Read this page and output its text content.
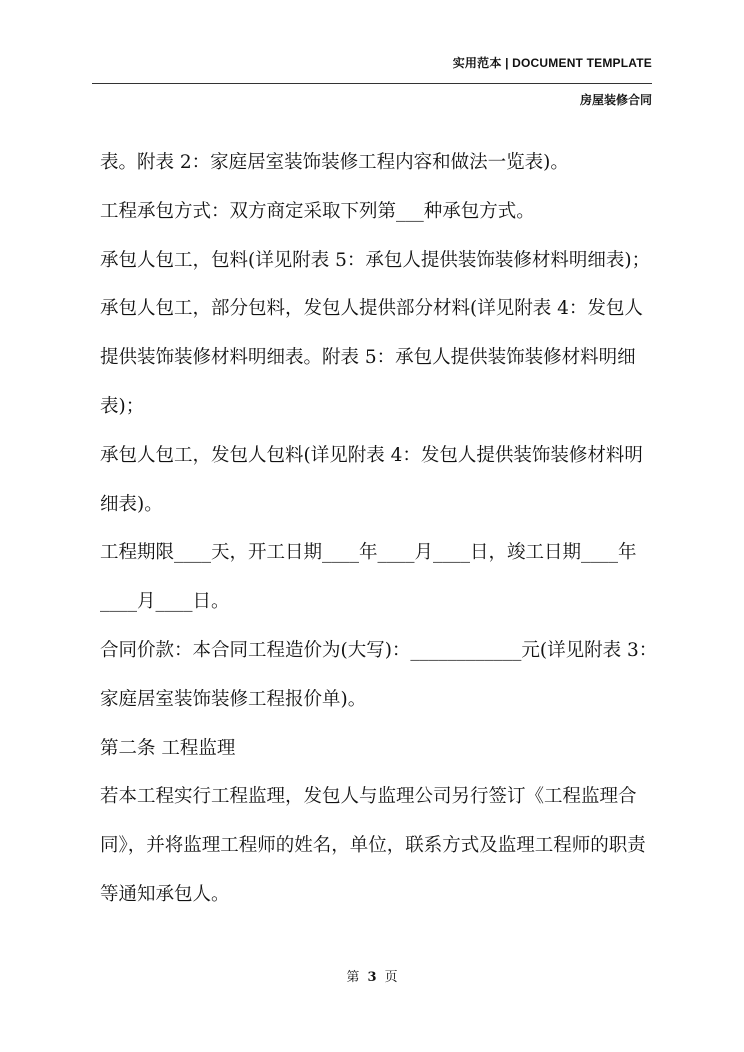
实用范本 | DOCUMENT TEMPLATE
房屋装修合同
表。附表 2：家庭居室装饰装修工程内容和做法一览表)。
工程承包方式：双方商定采取下列第___种承包方式。
承包人包工，包料(详见附表 5：承包人提供装饰装修材料明细表)；
承包人包工，部分包料，发包人提供部分材料(详见附表 4：发包人
提供装饰装修材料明细表。附表 5：承包人提供装饰装修材料明细
表)；
承包人包工，发包人包料(详见附表 4：发包人提供装饰装修材料明
细表)。
工程期限____天，开工日期____年____月____日，竣工日期____年
____月____日。
合同价款：本合同工程造价为(大写)：____________元(详见附表 3：
家庭居室装饰装修工程报价单)。
第二条 工程监理
若本工程实行工程监理，发包人与监理公司另行签订《工程监理合
同》，并将监理工程师的姓名，单位，联系方式及监理工程师的职责
等通知承包人。
第 3 页
